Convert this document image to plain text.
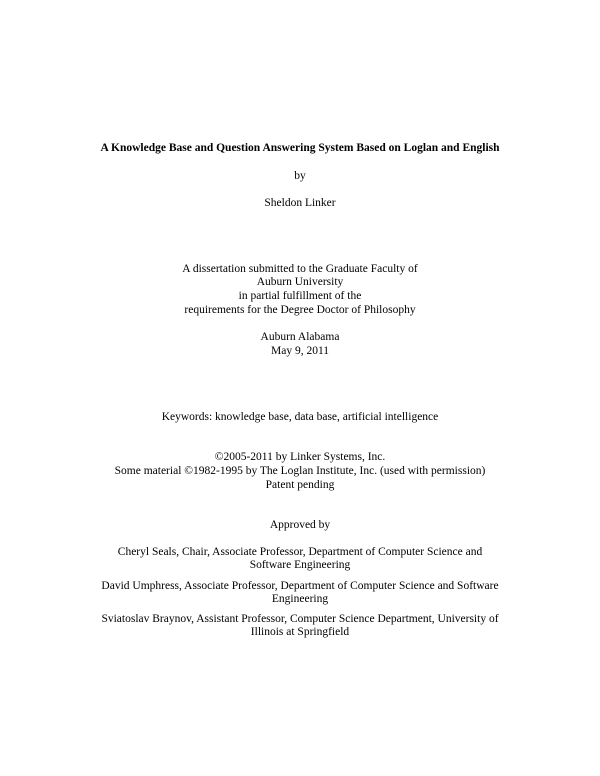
A Knowledge Base and Question Answering System Based on Loglan and English
by
Sheldon Linker
A dissertation submitted to the Graduate Faculty of
Auburn University
in partial fulfillment of the
requirements for the Degree Doctor of Philosophy
Auburn Alabama
May 9, 2011
Keywords: knowledge base, data base, artificial intelligence
©2005-2011 by Linker Systems, Inc.
Some material ©1982-1995 by The Loglan Institute, Inc. (used with permission)
Patent pending
Approved by
Cheryl Seals, Chair, Associate Professor, Department of Computer Science and Software Engineering
David Umphress, Associate Professor, Department of Computer Science and Software Engineering
Sviatoslav Braynov, Assistant Professor, Computer Science Department, University of Illinois at Springfield
